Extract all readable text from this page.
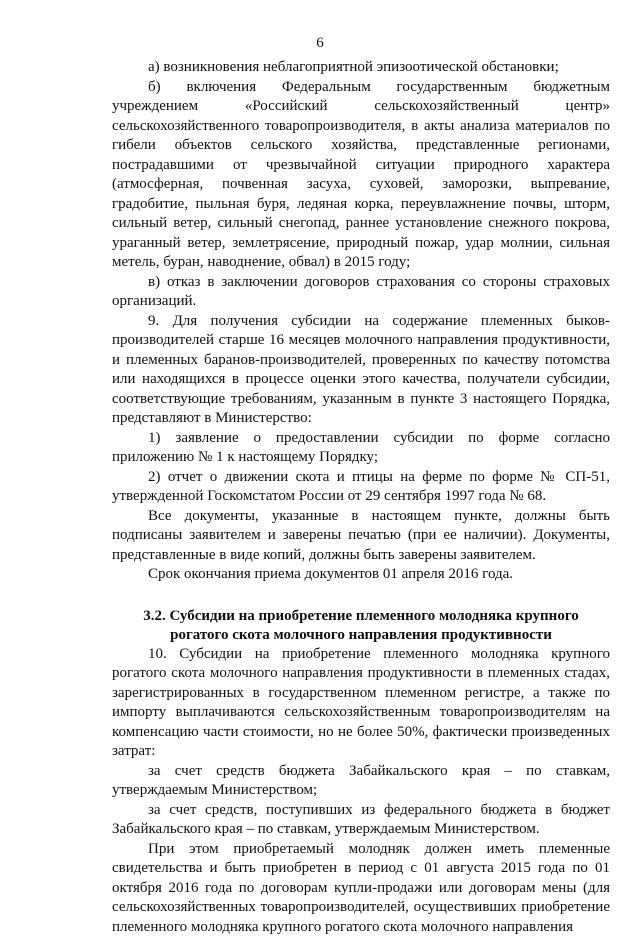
6

а) возникновения неблагоприятной эпизоотической обстановки;

б) включения Федеральным государственным бюджетным учреждением «Российский сельскохозяйственный центр» сельскохозяйственного товаропроизводителя, в акты анализа материалов по гибели объектов сельского хозяйства, представленные регионами, пострадавшими от чрезвычайной ситуации природного характера (атмосферная, почвенная засуха, суховей, заморозки, выпревание, градобитие, пыльная буря, ледяная корка, переувлажнение почвы, шторм, сильный ветер, сильный снегопад, раннее установление снежного покрова, ураганный ветер, землетрясение, природный пожар, удар молнии, сильная метель, буран, наводнение, обвал) в 2015 году;

в) отказ в заключении договоров страхования со стороны страховых организаций.

9. Для получения субсидии на содержание племенных быков-производителей старше 16 месяцев молочного направления продуктивности, и племенных баранов-производителей, проверенных по качеству потомства или находящихся в процессе оценки этого качества, получатели субсидии, соответствующие требованиям, указанным в пункте 3 настоящего Порядка, представляют в Министерство:

1) заявление о предоставлении субсидии по форме согласно приложению № 1 к настоящему Порядку;

2) отчет о движении скота и птицы на ферме по форме № СП-51, утвержденной Госкомстатом России от 29 сентября 1997 года № 68.

Все документы, указанные в настоящем пункте, должны быть подписаны заявителем и заверены печатью (при ее наличии). Документы, представленные в виде копий, должны быть заверены заявителем.

Срок окончания приема документов 01 апреля 2016 года.

3.2. Субсидии на приобретение племенного молодняка крупного
рогатого скота молочного направления продуктивности

10. Субсидии на приобретение племенного молодняка крупного рогатого скота молочного направления продуктивности в племенных стадах, зарегистрированных в государственном племенном регистре, а также по импорту выплачиваются сельскохозяйственным товаропроизводителям на компенсацию части стоимости, но не более 50%, фактически произведенных затрат:

за счет средств бюджета Забайкальского края – по ставкам, утверждаемым Министерством;

за счет средств, поступивших из федерального бюджета в бюджет Забайкальского края – по ставкам, утверждаемым Министерством.

При этом приобретаемый молодняк должен иметь племенные свидетельства и быть приобретен в период с 01 августа 2015 года по 01 октября 2016 года по договорам купли-продажи или договорам мены (для сельскохозяйственных товаропроизводителей, осуществивших приобретение племенного молодняка крупного рогатого скота молочного направления
